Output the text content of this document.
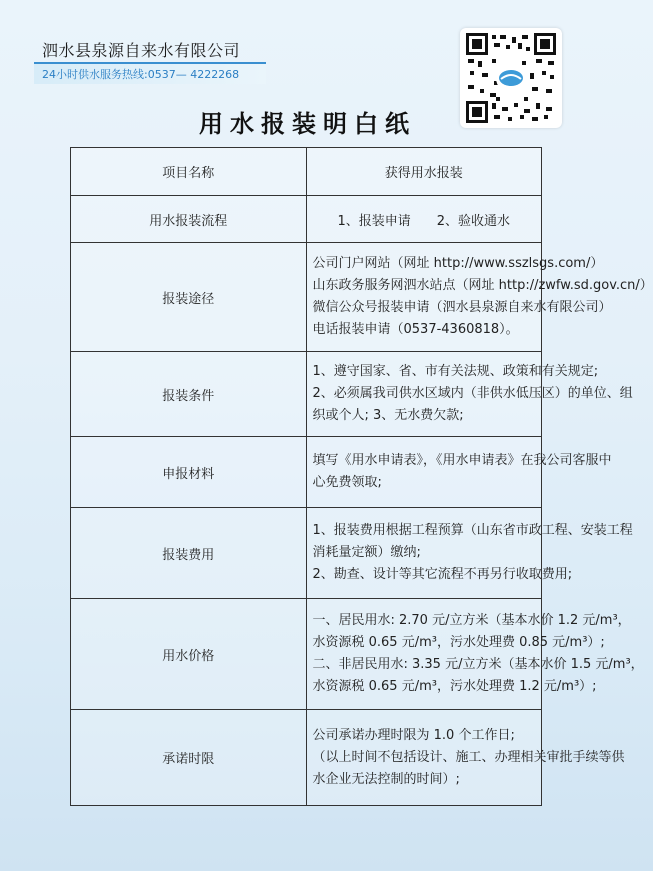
泗水县泉源自来水有限公司
24小时供水服务热线:0537— 4222268
用水报装明白纸
项目名称	获得用水报装
用水报装流程	1、报装申请　　2、验收通水

报装途径	公司门户网站（网址 http://www.sszlsgs.com/）
山东政务服务网泗水站点（网址 http://zwfw.sd.gov.cn/）
微信公众号报装申请（泗水县泉源自来水有限公司）
电话报装申请（0537-4360818）。

报装条件	1、遵守国家、省、市有关法规、政策和有关规定;
2、必须属我司供水区域内（非供水低压区）的单位、组
织或个人; 3、无水费欠款;

申报材料	填写《用水申请表》，《用水申请表》在我公司客服中
心免费领取;

报装费用	1、报装费用根据工程预算（山东省市政工程、安装工程
消耗量定额）缴纳;
2、勘查、设计等其它流程不再另行收取费用;

用水价格	一、居民用水: 2.70 元/立方米（基本水价 1.2 元/m³，
水资源税 0.65 元/m³，污水处理费 0.85 元/m³）;
二、非居民用水: 3.35 元/立方米（基本水价 1.5 元/m³，
水资源税 0.65 元/m³，污水处理费 1.2 元/m³）;

承诺时限	公司承诺办理时限为 1.0 个工作日;
（以上时间不包括设计、施工、办理相关审批手续等供
水企业无法控制的时间）;
